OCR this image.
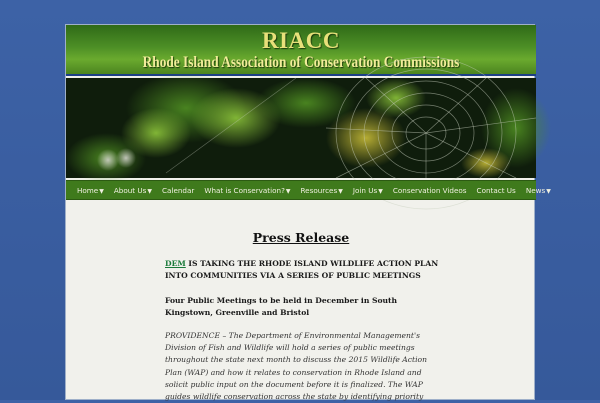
RIACC
Rhode Island Association of Conservation Commissions
Home▼	About Us▼	Calendar	What is Conservation?▼	Resources▼	Join Us▼	Conservation Videos	Contact Us	News▼
Press Release
DEM IS TAKING THE RHODE ISLAND WILDLIFE ACTION PLAN INTO COMMUNITIES VIA A SERIES OF PUBLIC MEETINGS
Four Public Meetings to be held in December in South Kingstown, Greenville and Bristol
PROVIDENCE – The Department of Environmental Management's Division of Fish and Wildlife will hold a series of public meetings throughout the state next month to discuss the 2015 Wildlife Action Plan (WAP) and how it relates to conservation in Rhode Island and solicit public input on the document before it is finalized. The WAP guides wildlife conservation across the state by identifying priority
